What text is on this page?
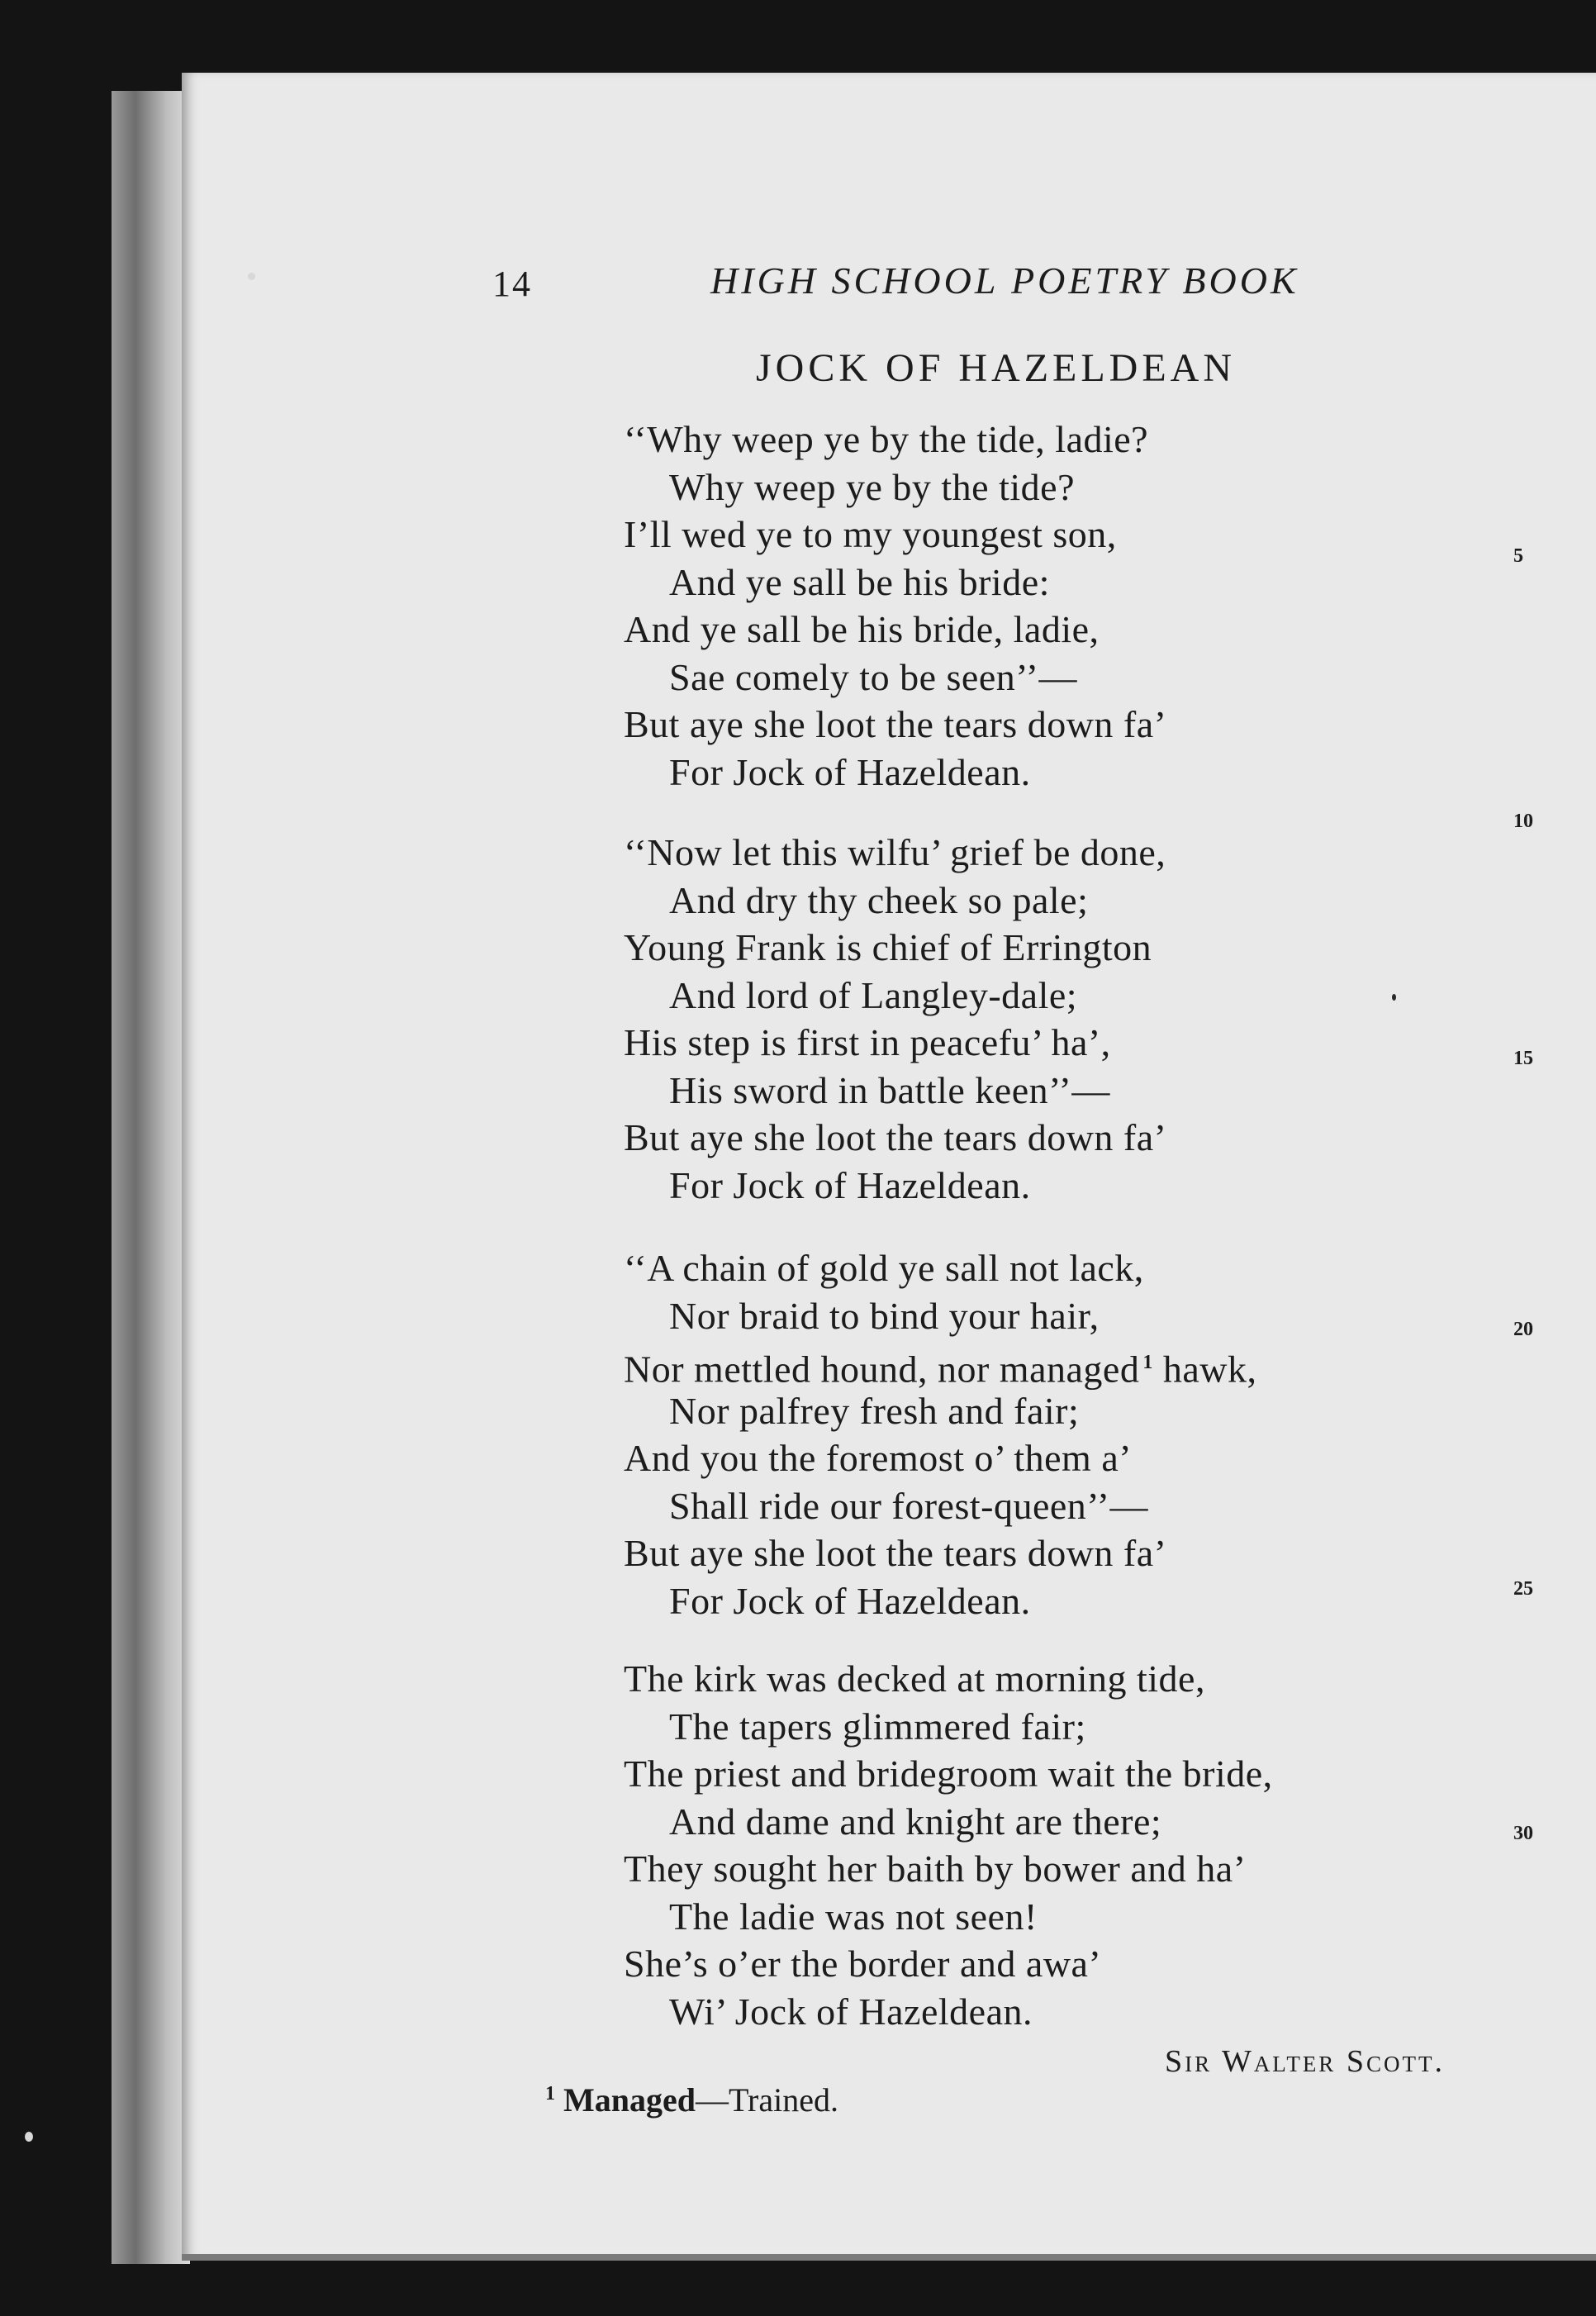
14	HIGH SCHOOL POETRY BOOK
JOCK OF HAZELDEAN
‘‘Why weep ye by the tide, ladie?
Why weep ye by the tide?
I’ll wed ye to my youngest son,
And ye sall be his bride:
And ye sall be his bride, ladie,
Sae comely to be seen’’—
But aye she loot the tears down fa’
For Jock of Hazeldean.
‘‘Now let this wilfu’ grief be done,
And dry thy cheek so pale;
Young Frank is chief of Errington
And lord of Langley-dale;
His step is first in peacefu’ ha’,
His sword in battle keen’’—
But aye she loot the tears down fa’
For Jock of Hazeldean.
‘‘A chain of gold ye sall not lack,
Nor braid to bind your hair,
Nor mettled hound, nor managed $^1$ hawk,
Nor palfrey fresh and fair;
And you the foremost o’ them a’
Shall ride our forest-queen’’—
But aye she loot the tears down fa’
For Jock of Hazeldean.
The kirk was decked at morning tide,
The tapers glimmered fair;
The priest and bridegroom wait the bride,
And dame and knight are there;
They sought her baith by bower and ha’
The ladie was not seen!
She’s o’er the border and awa’
Wi’ Jock of Hazeldean.
5
10
15
20
25
30
Sir Walter Scott.
$^1$ Managed—Trained.
